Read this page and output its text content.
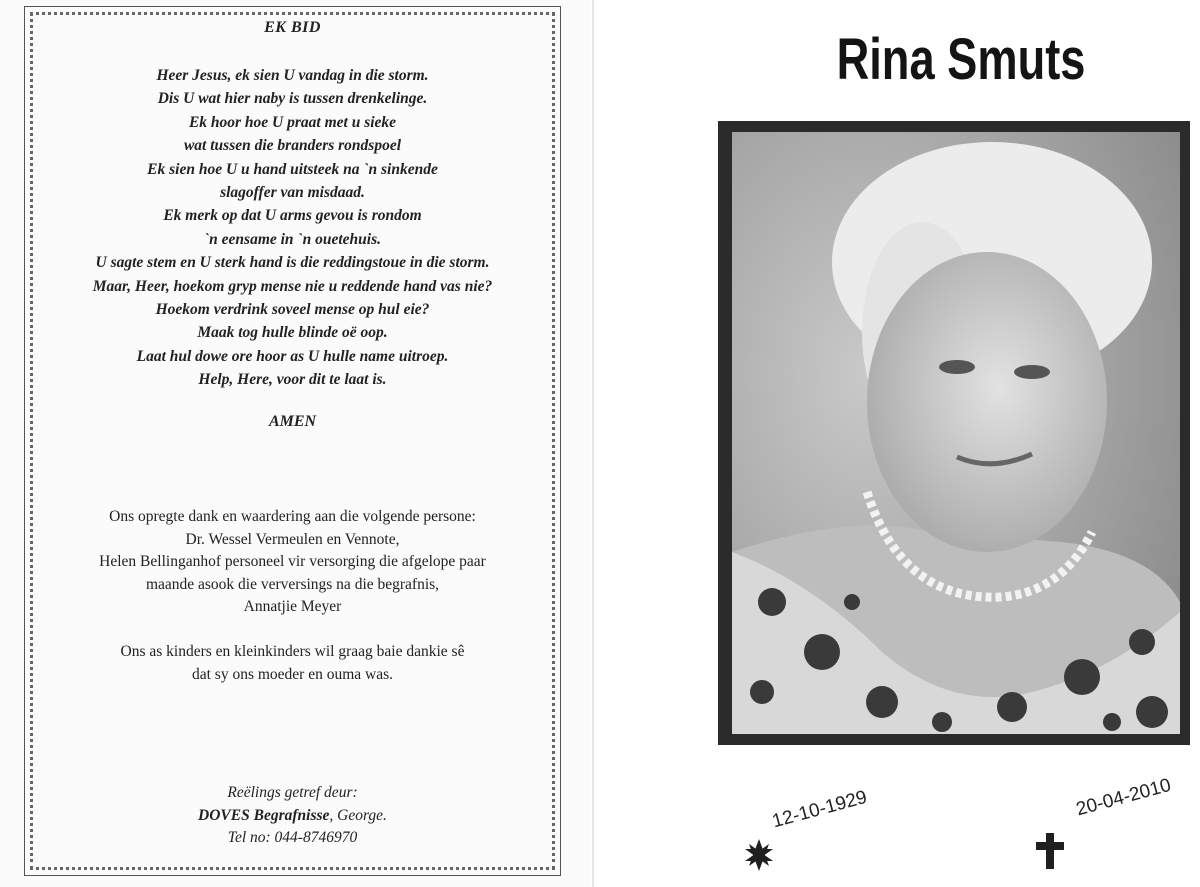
EK BID
Heer Jesus, ek sien U vandag in die storm.
Dis U wat hier naby is tussen drenkelinge.
Ek hoor hoe U praat met u sieke
wat tussen die branders rondspoel
Ek sien hoe U u hand uitsteek na `n sinkende
slagoffer van misdaad.
Ek merk op dat U arms gevou is rondom
`n eensame in `n ouetehuis.
U sagte stem en U sterk hand is die reddingstoue in die storm.
Maar, Heer, hoekom gryp mense nie u reddende hand vas nie?
Hoekom verdrink soveel mense op hul eie?
Maak tog hulle blinde oë oop.
Laat hul dowe ore hoor as U hulle name uitroep.
Help, Here, voor dit te laat is.
AMEN
Ons opregte dank en waardering aan die volgende persone:
Dr. Wessel Vermeulen en Vennote,
Helen Bellinganhof personeel vir versorging die afgelope paar
maande asook die verversings na die begrafnis,
Annatjie Meyer
Ons as kinders en kleinkinders wil graag baie dankie sê
dat sy ons moeder en ouma was.
Reëlings getref deur:
DOVES Begrafnisse, George.
Tel no: 044-8746970
Rina Smuts
12-10-1929	20-04-2010
